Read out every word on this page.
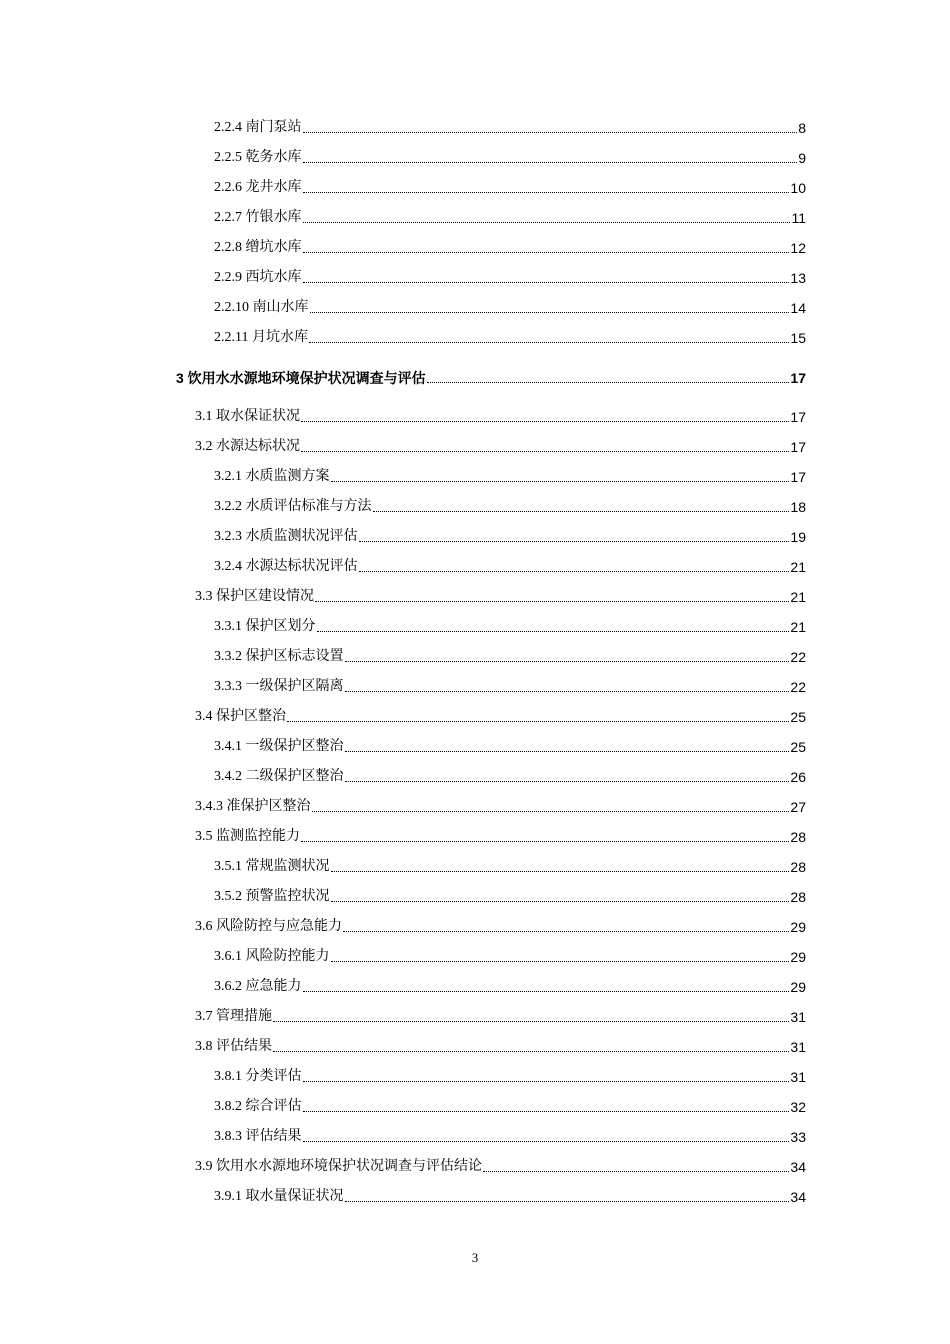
2.2.4 南门泵站	8
2.2.5 乾务水库	9
2.2.6 龙井水库	10
2.2.7 竹银水库	11
2.2.8 缯坑水库	12
2.2.9 西坑水库	13
2.2.10 南山水库	14
2.2.11 月坑水库	15
3 饮用水水源地环境保护状况调查与评估	17
3.1 取水保证状况	17
3.2 水源达标状况	17
3.2.1 水质监测方案	17
3.2.2 水质评估标准与方法	18
3.2.3 水质监测状况评估	19
3.2.4 水源达标状况评估	21
3.3 保护区建设情况	21
3.3.1 保护区划分	21
3.3.2 保护区标志设置	22
3.3.3 一级保护区隔离	22
3.4 保护区整治	25
3.4.1 一级保护区整治	25
3.4.2 二级保护区整治	26
3.4.3 准保护区整治	27
3.5 监测监控能力	28
3.5.1 常规监测状况	28
3.5.2 预警监控状况	28
3.6 风险防控与应急能力	29
3.6.1 风险防控能力	29
3.6.2 应急能力	29
3.7 管理措施	31
3.8 评估结果	31
3.8.1 分类评估	31
3.8.2 综合评估	32
3.8.3 评估结果	33
3.9 饮用水水源地环境保护状况调查与评估结论	34
3.9.1 取水量保证状况	34
3
